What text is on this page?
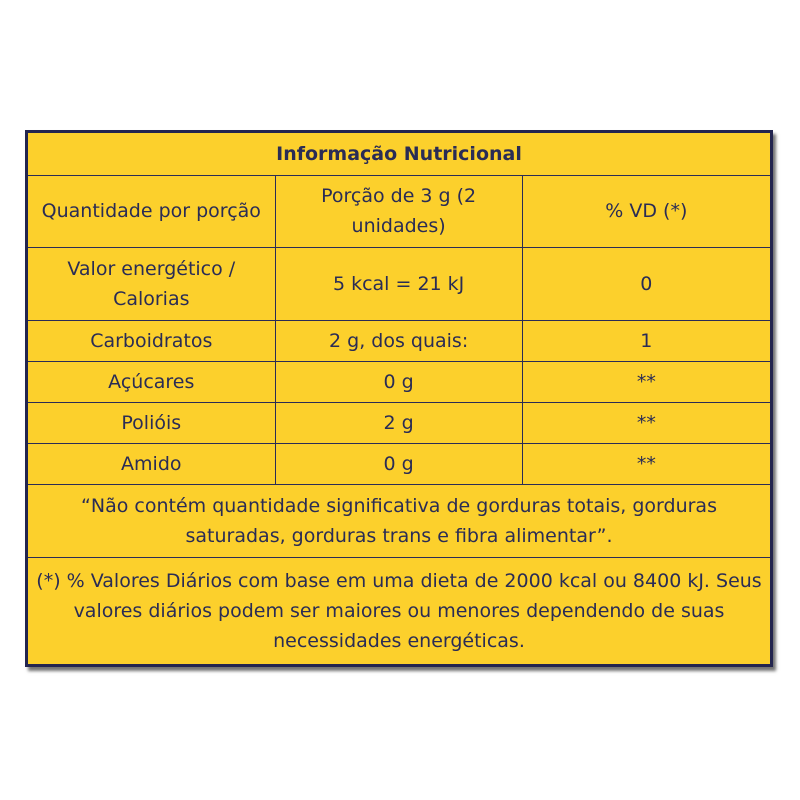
Informação Nutricional		
Quantidade por porção	Porção de 3 g (2 unidades)	% VD (*)
Valor energético / Calorias	5 kcal = 21 kJ	0
Carboidratos	2 g, dos quais:	1
Açúcares	0 g	**
Polióis	2 g	**
Amido	0 g	**
“Não contém quantidade significativa de gorduras totais, gorduras saturadas, gorduras trans e fibra alimentar”.		
(*) % Valores Diários com base em uma dieta de 2000 kcal ou 8400 kJ. Seus valores diários podem ser maiores ou menores dependendo de suas necessidades energéticas.		
